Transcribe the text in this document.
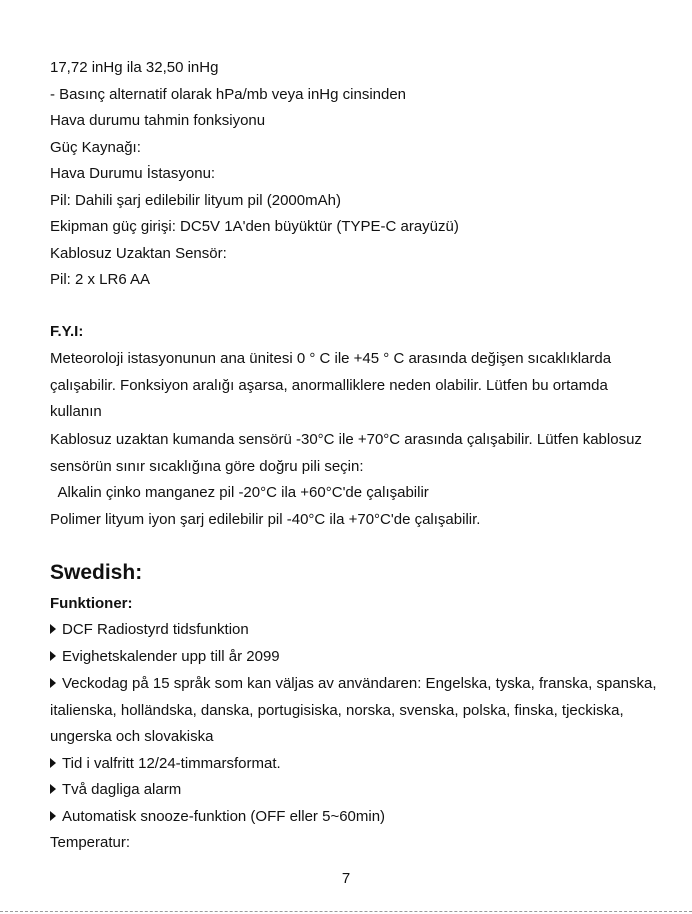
17,72 inHg ila 32,50 inHg
- Basınç alternatif olarak hPa/mb veya inHg cinsinden
Hava durumu tahmin fonksiyonu
Güç Kaynağı:
Hava Durumu İstasyonu:
Pil: Dahili şarj edilebilir lityum pil (2000mAh)
Ekipman güç girişi: DC5V 1A'den büyüktür (TYPE-C arayüzü)
Kablosuz Uzaktan Sensör:
Pil: 2 x LR6 AA
F.Y.I:
Meteoroloji istasyonunun ana ünitesi 0 ° C ile +45 ° C arasında değişen sıcaklıklarda
çalışabilir. Fonksiyon aralığı aşarsa, anormalliklere neden olabilir. Lütfen bu ortamda
kullanın
Kablosuz uzaktan kumanda sensörü -30°C ile +70°C arasında çalışabilir. Lütfen kablosuz
sensörün sınır sıcaklığına göre doğru pili seçin:
Alkalin çinko manganez pil -20°C ila +60°C'de çalışabilir
Polimer lityum iyon şarj edilebilir pil -40°C ila +70°C'de çalışabilir.
Swedish:
Funktioner:
DCF Radiostyrd tidsfunktion
Evighetskalender upp till år 2099
Veckodag på 15 språk som kan väljas av användaren: Engelska, tyska, franska, spanska,
italienska, holländska, danska, portugisiska, norska, svenska, polska, finska, tjeckiska,
ungerska och slovakiska
Tid i valfritt 12/24-timmarsformat.
Två dagliga alarm
Automatisk snooze-funktion (OFF eller 5~60min)
Temperatur:
7
